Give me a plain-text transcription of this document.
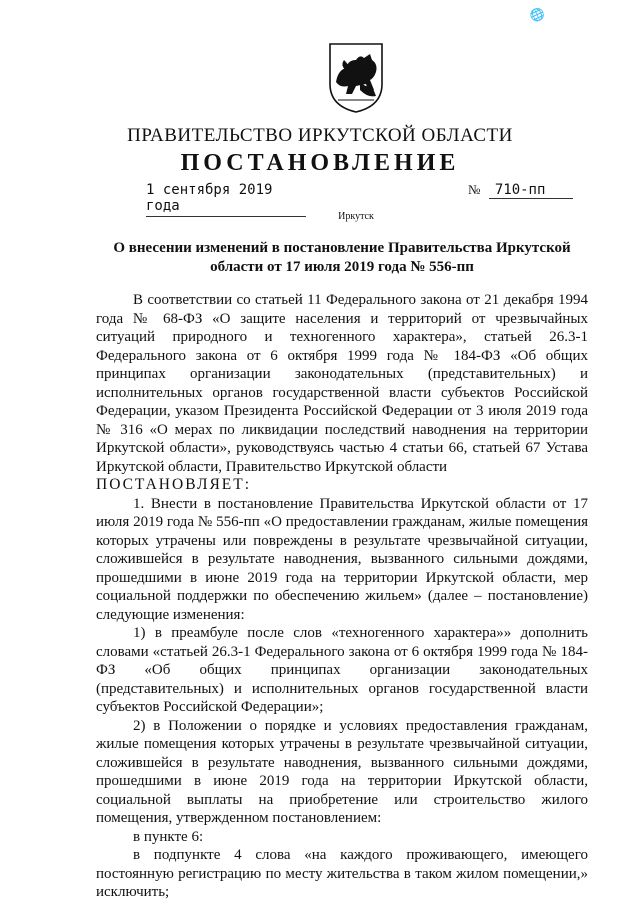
🌐
ПРАВИТЕЛЬСТВО ИРКУТСКОЙ ОБЛАСТИ
ПОСТАНОВЛЕНИЕ
1 сентября 2019 года
№ 710-пп
Иркутск
О внесении изменений в постановление Правительства Иркутской области от 17 июля 2019 года № 556-пп

В соответствии со статьей 11 Федерального закона от 21 декабря 1994 года № 68-ФЗ «О защите населения и территорий от чрезвычайных ситуаций природного и техногенного характера», статьей 26.3-1 Федерального закона от 6 октября 1999 года № 184-ФЗ «Об общих принципах организации законодательных (представительных) и исполнительных органов государственной власти субъектов Российской Федерации, указом Президента Российской Федерации от 3 июля 2019 года № 316 «О мерах по ликвидации последствий наводнения на территории Иркутской области», руководствуясь частью 4 статьи 66, статьей 67 Устава Иркутской области, Правительство Иркутской области

ПОСТАНОВЛЯЕТ:

1. Внести в постановление Правительства Иркутской области от 17 июля 2019 года № 556-пп «О предоставлении гражданам, жилые помещения которых утрачены или повреждены в результате чрезвычайной ситуации, сложившейся в результате наводнения, вызванного сильными дождями, прошедшими в июне 2019 года на территории Иркутской области, мер социальной поддержки по обеспечению жильем» (далее – постановление) следующие изменения:

1) в преамбуле после слов «техногенного характера»» дополнить словами «статьей 26.3-1 Федерального закона от 6 октября 1999 года № 184-ФЗ «Об общих принципах организации законодательных (представительных) и исполнительных органов государственной власти субъектов Российской Федерации»;

2) в Положении о порядке и условиях предоставления гражданам, жилые помещения которых утрачены в результате чрезвычайной ситуации, сложившейся в результате наводнения, вызванного сильными дождями, прошедшими в июне 2019 года на территории Иркутской области, социальной выплаты на приобретение или строительство жилого помещения, утвержденном постановлением:

в пункте 6:

в подпункте 4 слова «на каждого проживающего, имеющего постоянную регистрацию по месту жительства в таком жилом помещении,» исключить;
